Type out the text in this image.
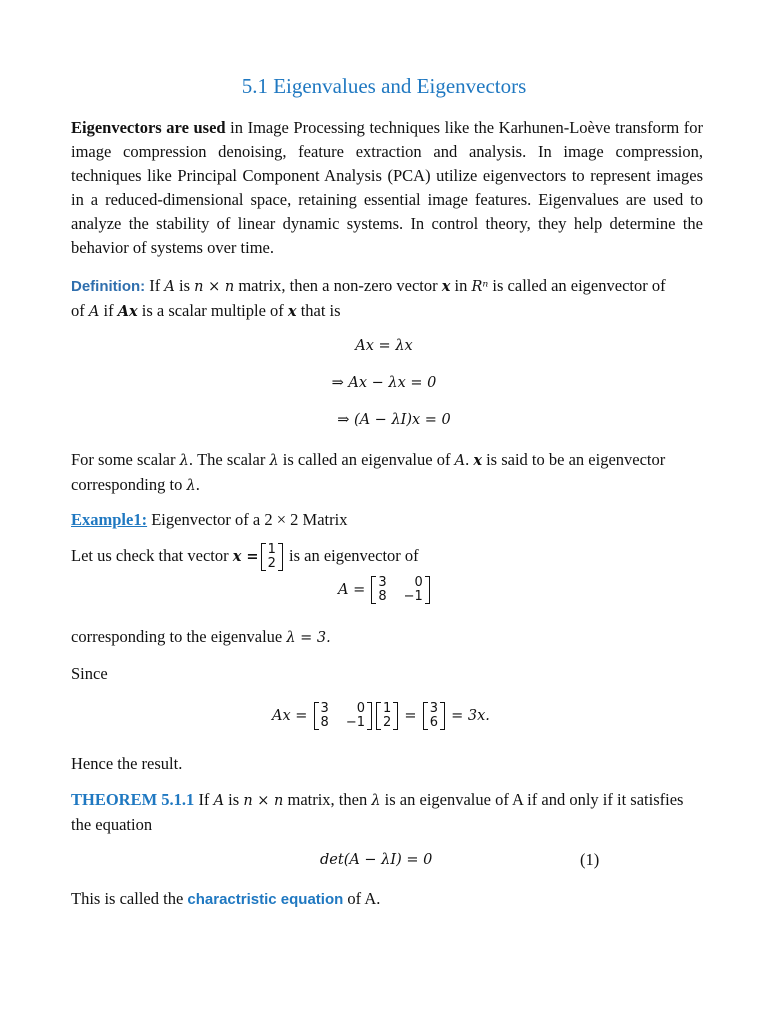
5.1 Eigenvalues and Eigenvectors
Eigenvectors are used in Image Processing techniques like the Karhunen-Loève transform for image compression denoising, feature extraction and analysis. In image compression, techniques like Principal Component Analysis (PCA) utilize eigenvectors to represent images in a reduced-dimensional space, retaining essential image features. Eigenvalues are used to analyze the stability of linear dynamic systems. In control theory, they help determine the behavior of systems over time.
Definition: If A is n × n matrix, then a non-zero vector x in Rⁿ is called an eigenvector of
of A if Ax is a scalar multiple of x that is
Ax = λx
⇒ Ax − λx = 0
⇒ (A − λI)x = 0
For some scalar λ. The scalar λ is called an eigenvalue of A. x is said to be an eigenvector corresponding to λ.
Example1: Eigenvector of a 2 × 2 Matrix
Let us check that vector x = 1
2 is an eigenvector of
A = 3
8
0
−1
corresponding to the eigenvalue λ = 3.
Since
Ax = 3
8
0
−1
1
2 = 3
6 = 3x.
Hence the result.
THEOREM 5.1.1 If A is n × n matrix, then λ is an eigenvalue of A if and only if it satisfies the equation
det(A − λI) = 0	(1)
This is called the charactristic equation of A.
